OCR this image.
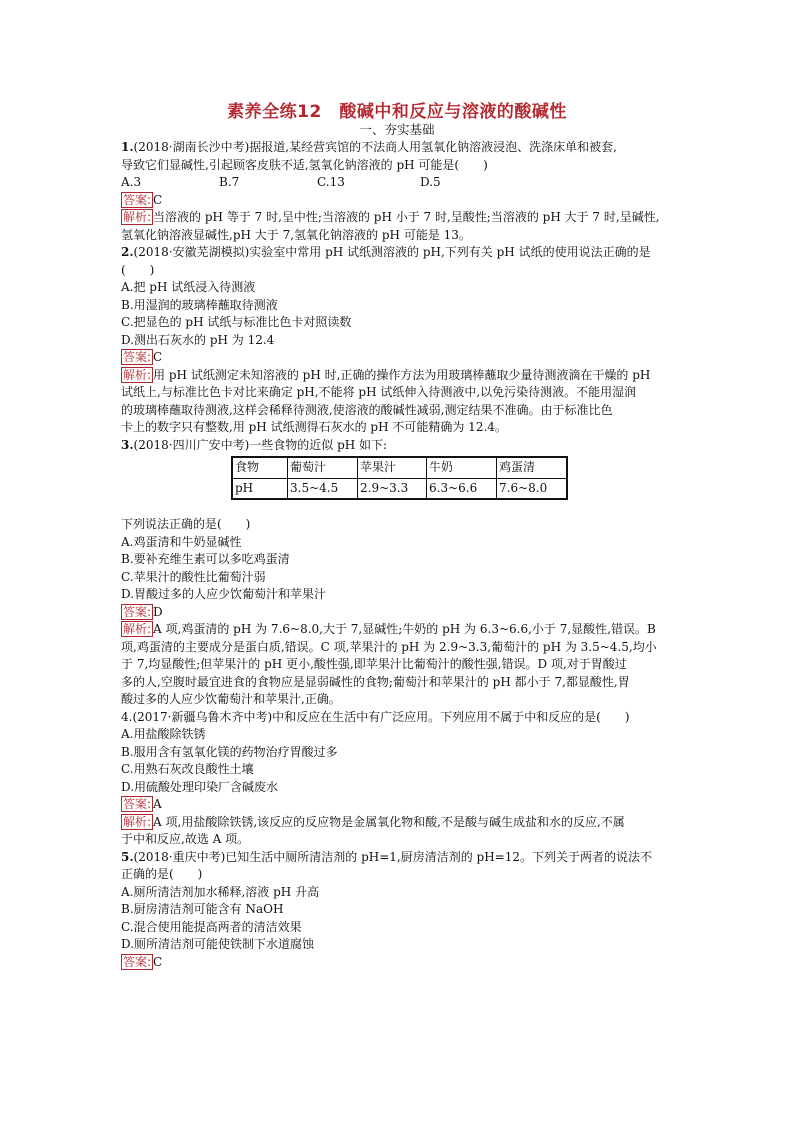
素养全练12　酸碱中和反应与溶液的酸碱性
一、夯实基础
1.(2018·湖南长沙中考)据报道,某经营宾馆的不法商人用氢氧化钠溶液浸泡、洗涤床单和被套,
导致它们显碱性,引起顾客皮肤不适,氢氧化钠溶液的 pH 可能是(　　)
A.3	B.7	C.13	D.5
答案: C
解析: 当溶液的 pH 等于 7 时,呈中性;当溶液的 pH 小于 7 时,呈酸性;当溶液的 pH 大于 7 时,呈碱性,
氢氧化钠溶液显碱性,pH 大于 7,氢氧化钠溶液的 pH 可能是 13。
2.(2018·安徽芜湖模拟)实验室中常用 pH 试纸测溶液的 pH,下列有关 pH 试纸的使用说法正确的是
(　　)
A.把 pH 试纸浸入待测液
B.用湿润的玻璃棒蘸取待测液
C.把显色的 pH 试纸与标准比色卡对照读数
D.测出石灰水的 pH 为 12.4
答案: C
解析: 用 pH 试纸测定未知溶液的 pH 时,正确的操作方法为用玻璃棒蘸取少量待测液滴在干燥的 pH
试纸上,与标准比色卡对比来确定 pH,不能将 pH 试纸伸入待测液中,以免污染待测液。不能用湿润
的玻璃棒蘸取待测液,这样会稀释待测液,使溶液的酸碱性减弱,测定结果不准确。由于标准比色
卡上的数字只有整数,用 pH 试纸测得石灰水的 pH 不可能精确为 12.4。
3.(2018·四川广安中考)一些食物的近似 pH 如下:
食物	葡萄汁	苹果汁	牛奶	鸡蛋清
pH	3.5~4.5	2.9~3.3	6.3~6.6	7.6~8.0
下列说法正确的是(　　)
A.鸡蛋清和牛奶显碱性
B.要补充维生素可以多吃鸡蛋清
C.苹果汁的酸性比葡萄汁弱
D.胃酸过多的人应少饮葡萄汁和苹果汁
答案: D
解析: A 项,鸡蛋清的 pH 为 7.6~8.0,大于 7,显碱性;牛奶的 pH 为 6.3~6.6,小于 7,显酸性,错误。B
项,鸡蛋清的主要成分是蛋白质,错误。C 项,苹果汁的 pH 为 2.9~3.3,葡萄汁的 pH 为 3.5~4.5,均小
于 7,均显酸性;但苹果汁的 pH 更小,酸性强,即苹果汁比葡萄汁的酸性强,错误。D 项,对于胃酸过
多的人,空腹时最宜进食的食物应是显弱碱性的食物;葡萄汁和苹果汁的 pH 都小于 7,都显酸性,胃
酸过多的人应少饮葡萄汁和苹果汁,正确。
4.(2017·新疆乌鲁木齐中考)中和反应在生活中有广泛应用。下列应用不属于中和反应的是(　　)
A.用盐酸除铁锈
B.服用含有氢氧化镁的药物治疗胃酸过多
C.用熟石灰改良酸性土壤
D.用硫酸处理印染厂含碱废水
答案: A
解析: A 项,用盐酸除铁锈,该反应的反应物是金属氧化物和酸,不是酸与碱生成盐和水的反应,不属
于中和反应,故选 A 项。
5.(2018·重庆中考)已知生活中厕所清洁剂的 pH=1,厨房清洁剂的 pH=12。下列关于两者的说法不
正确的是(　　)
A.厕所清洁剂加水稀释,溶液 pH 升高
B.厨房清洁剂可能含有 NaOH
C.混合使用能提高两者的清洁效果
D.厕所清洁剂可能使铁制下水道腐蚀
答案: C
